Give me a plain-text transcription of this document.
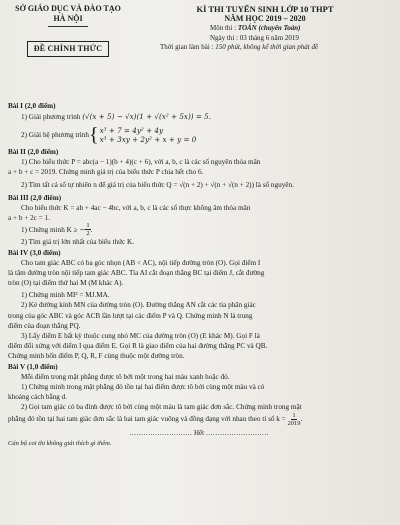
SỞ GIÁO DỤC VÀ ĐÀO TẠO
HÀ NỘI
ĐỀ CHÍNH THỨC
KÌ THI TUYỂN SINH LỚP 10 THPT
NĂM HỌC 2019 – 2020
Môn thi : TOÁN (chuyên Toán)
Ngày thi : 03 tháng 6 năm 2019
Thời gian làm bài : 150 phút, không kể thời gian phát đề
Bài I (2,0 điểm)
1) Giải phương trình (√(x + 5) − √x)(1 + √(x² + 5x)) = 5.
2) Giải hệ phương trình { x³ + 7 = 4y² + 4y
x³ + 3xy + 2y² + x + y = 0
Bài II (2,0 điểm)
1) Cho biểu thức P = abc(a − 1)(b + 4)(c + 6), với a, b, c là các số nguyên thỏa mãn
a + b + c = 2019. Chứng minh giá trị của biểu thức P chia hết cho 6.
2) Tìm tất cả số tự nhiên n để giá trị của biểu thức Q = √(n + 2) + √(n + √(n + 2)) là số nguyên.
Bài III (2,0 điểm)
Cho biểu thức K = ab + 4ac − 4bc, với a, b, c là các số thực không âm thỏa mãn
a + b + 2c = 1.
1) Chứng minh K ≥
− $\frac{1}{2}$ .
2) Tìm giá trị lớn nhất của biểu thức K.
Bài IV (3,0 điểm)
Cho tam giác ABC có ba góc nhọn (AB < AC), nội tiếp đường tròn (O). Gọi điểm I
là tâm đường tròn nội tiếp tam giác ABC. Tia AI cắt đoạn thẳng BC tại điểm J, cắt đường
tròn (O) tại điểm thứ hai M (M khác A).
1) Chứng minh MI² = MJ.MA.
2) Kẻ đường kính MN của đường tròn (O). Đường thẳng AN cắt các tia phân giác
trong của góc ABC và góc ACB lần lượt tại các điểm P và Q. Chứng minh N là trung
điểm của đoạn thẳng PQ.
3) Lấy điểm E bất kỳ thuộc cung nhỏ MC của đường tròn (O) (E khác M). Gọi F là
điểm đối xứng với điểm I qua điểm E. Gọi R là giao điểm của hai đường thẳng PC và QB.
Chứng minh bốn điểm P, Q, R, F cùng thuộc một đường tròn.
Bài V (1,0 điểm)
Mỗi điểm trong mặt phẳng được tô bởi một trong hai màu xanh hoặc đỏ.
1) Chứng minh trong mặt phẳng đó tồn tại hai điểm được tô bởi cùng một màu và có
khoảng cách bằng d.
2) Gọi tam giác có ba đỉnh được tô bởi cùng một màu là tam giác đơn sắc. Chứng minh trong mặt
phẳng đó tồn tại hai tam giác đơn sắc là hai tam giác vuông và đồng dạng với nhau theo tỉ số k =
$\frac{1}{2019}$ .
……………………… Hết ………………………
Cán bộ coi thi không giải thích gì thêm.
